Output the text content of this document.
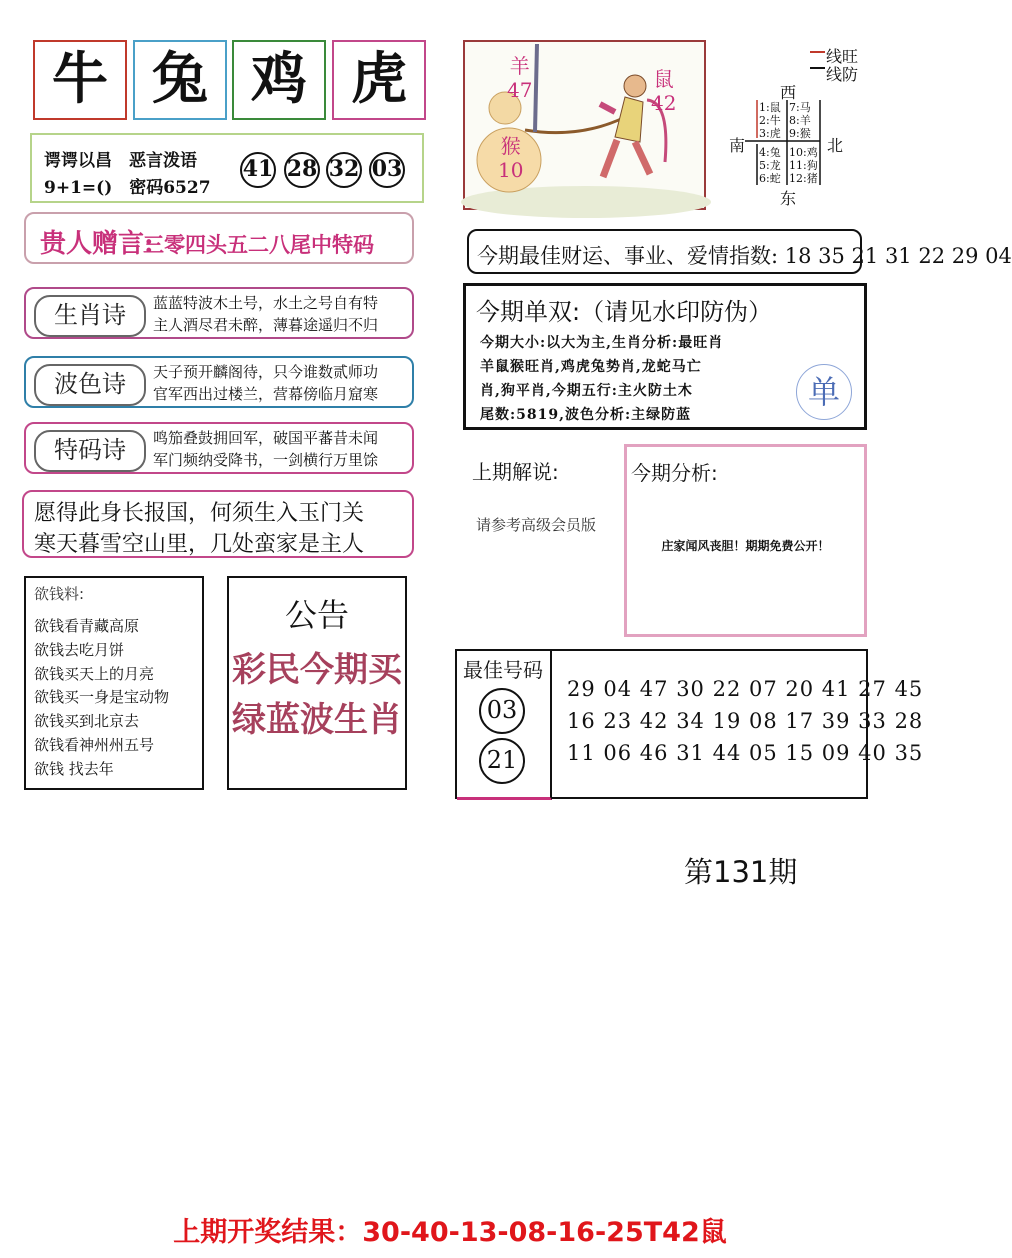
牛 兔 鸡 虎
谔谔以昌　恶言泼语
9+1=()　密码6527
41 28 32 03
贵人赠言:
三零四头五二八尾中特码
生肖诗	蓝蓝特波木土号，水土之号自有特
主人酒尽君未醉，薄暮途遥归不归
波色诗	天子预开麟阁待，只今谁数贰师功
官军西出过楼兰，营幕傍临月窟寒
特码诗	鸣笳叠鼓拥回军，破国平蕃昔未闻
军门频纳受降书，一剑横行万里馀
愿得此身长报国，何须生入玉门关
寒天暮雪空山里，几处蛮家是主人
欲钱料:
欲钱看青藏高原
欲钱去吃月饼
欲钱买天上的月亮
欲钱买一身是宝动物
欲钱买到北京去
欲钱看神州州五号
欲钱 找去年
公告
彩民今期买
绿蓝波生肖
羊
47
猴
10
鼠
42
线旺
线防
西
东
南	北
1:鼠
2:牛
3:虎
7:马
8:羊
9:猴
4:兔
5:龙
6:蛇
10:鸡
11:狗
12:猪
今期最佳财运、事业、爱情指数: 18 35 21 31 22 29 04
今期单双:（请见水印防伪）
今期大小:以大为主,生肖分析:最旺肖
羊鼠猴旺肖,鸡虎兔势肖,龙蛇马亡
肖,狗平肖,今期五行:主火防土木
尾数:5819,波色分析:主绿防蓝
单
上期解说:
请参考高级会员版
今期分析:
庄家闻风丧胆！期期免费公开！
最佳号码
03
21
29 04 47 30 22 07 20 41 27 45
16 23 42 34 19 08 17 39 33 28
11 06 46 31 44 05 15 09 40 35
第131期
上期开奖结果：30-40-13-08-16-25T42鼠
